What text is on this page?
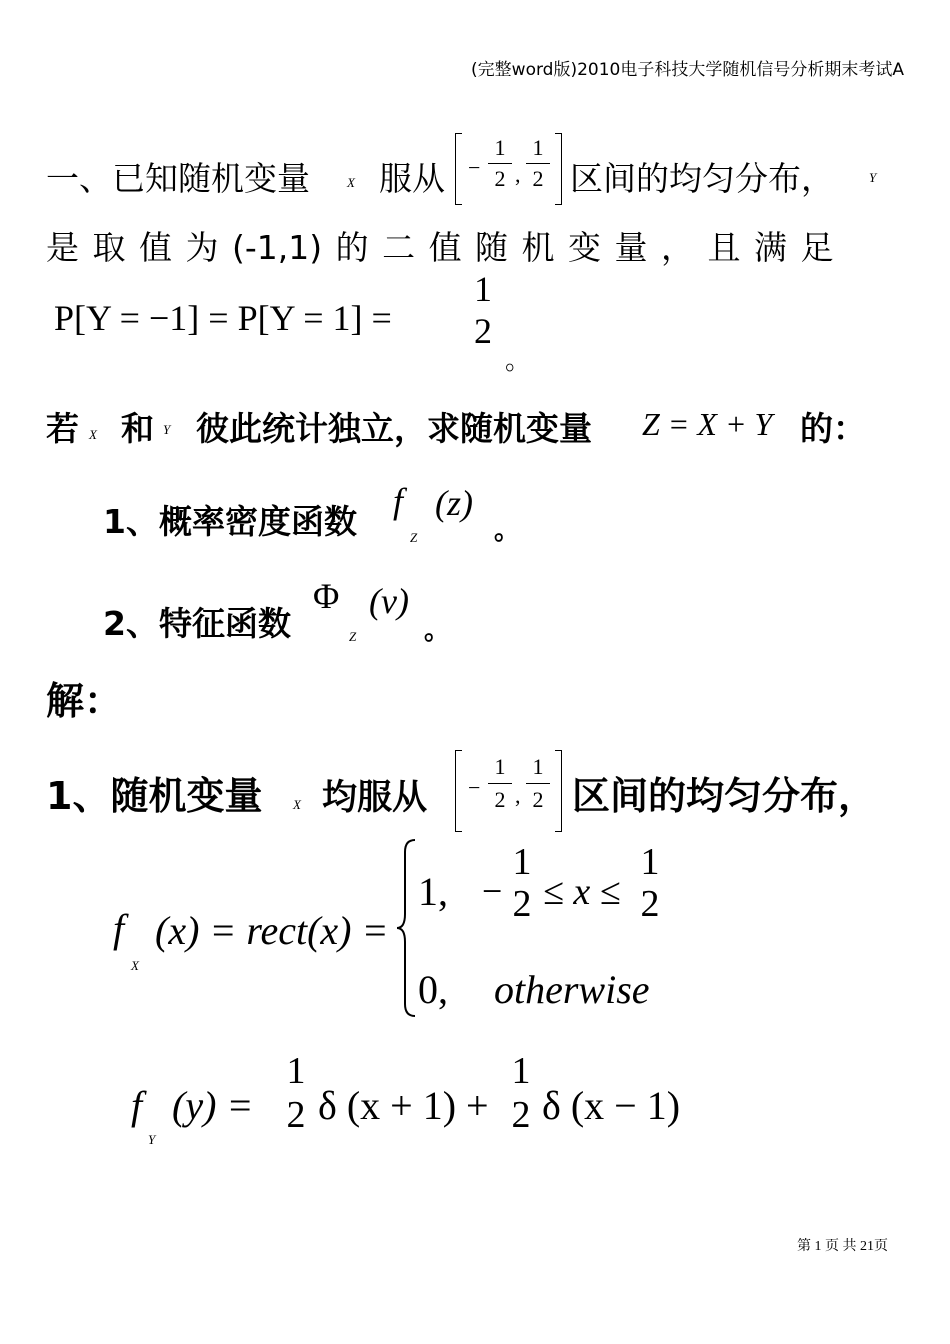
(完整word版)2010电子科技大学随机信号分析期末考试A
一、已知随机变量	X 服从 −
1
2 ,
1
2 区间的均匀分布，	Y
是 取 值 为 (-1,1) 的 二 值 随 机 变 量 ， 且 满 足
P[Y = −1] = P[Y = 1] =
1
2
。
若 X 和 Y 彼此统计独立，求随机变量 Z = X + Y 的：
1、概率密度函数
f
Z
(z)
。
2、特征函数
Φ
Z
(v)
。
解：
1、随机变量 X 均服从 −
1
2 ,
1
2 区间的均匀分布，
f
X
(x) = rect(x) =
1, −
1
2 ≤ x ≤
1
2
0, otherwise
f
Y
(y) =
1
2 δ (x + 1) +
1
2 δ (x − 1)
第 1 页 共 21页
